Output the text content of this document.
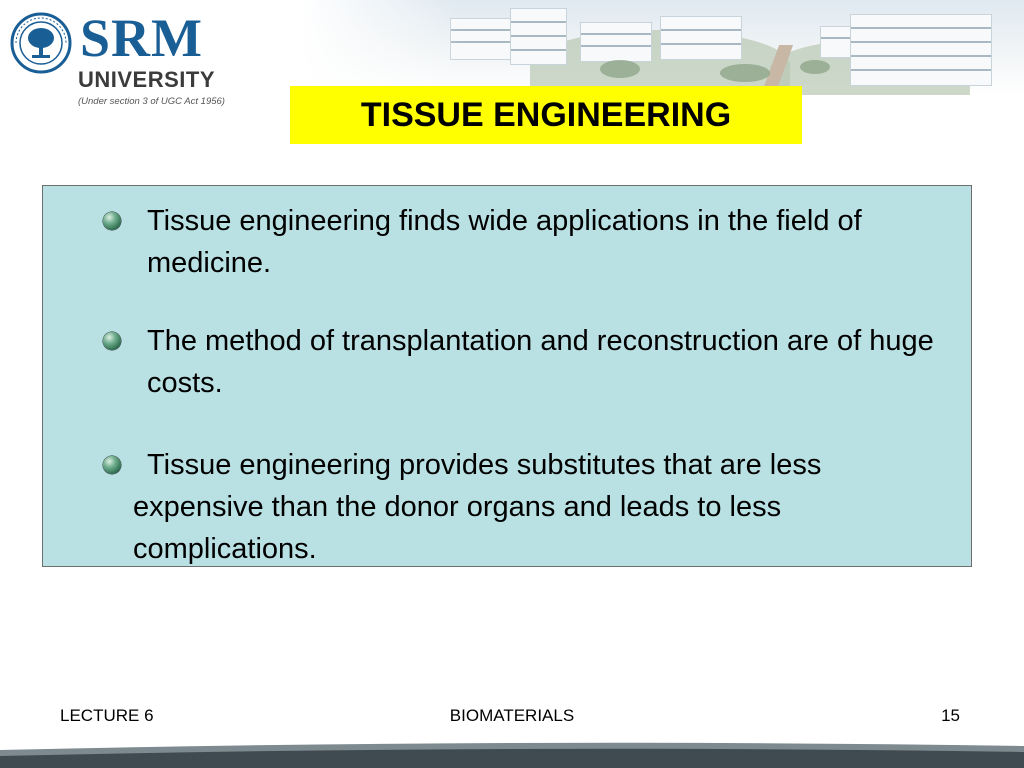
SRM
UNIVERSITY
(Under section 3 of UGC Act 1956)	TISSUE ENGINEERING
Tissue engineering finds wide applications in the field of medicine.
The method of transplantation and reconstruction are of huge costs.
Tissue engineering provides substitutes that are less
expensive than the donor organs and leads to less complications.
LECTURE 6	BIOMATERIALS	15
